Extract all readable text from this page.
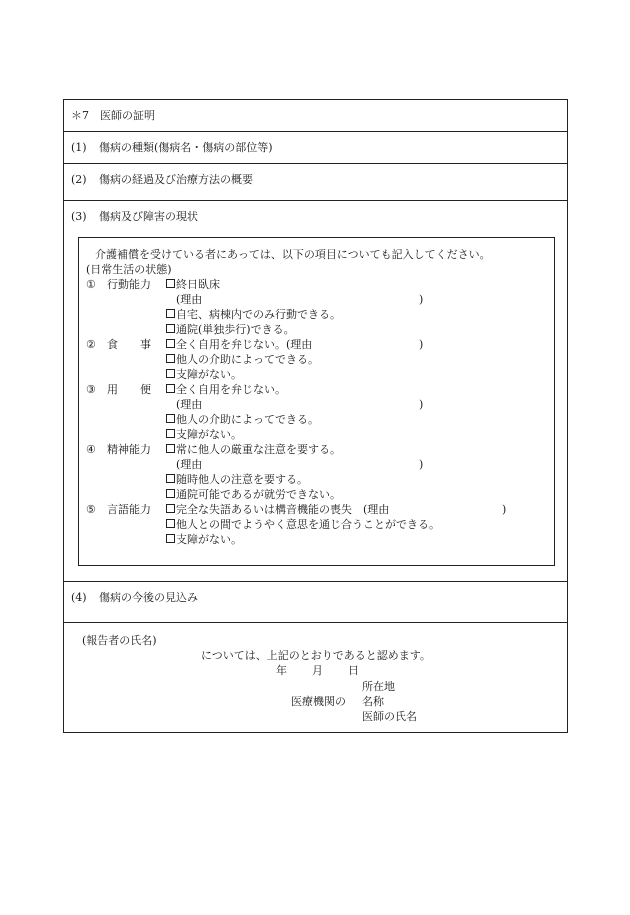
＊7　医師の証明
(1) 傷病の種類(傷病名・傷病の部位等)
(2) 傷病の経過及び治療方法の概要
(3) 傷病及び障害の現状
介護補償を受けている者にあっては、以下の項目についても記入してください。
(日常生活の状態)
① 行動能力	終日臥床
(理由	)
自宅、病棟内でのみ行動できる。
通院(単独歩行)できる。
② 食　　事	全く自用を弁じない。(理由	)
他人の介助によってできる。
支障がない。
③ 用　　便	全く自用を弁じない。
(理由	)
他人の介助によってできる。
支障がない。
④ 精神能力	常に他人の厳重な注意を要する。
(理由	)
随時他人の注意を要する。
通院可能であるが就労できない。
⑤ 言語能力	完全な失語あるいは構音機能の喪失　(理由	)
他人との間でようやく意思を通じ合うことができる。
支障がない。
(4) 傷病の今後の見込み
(報告者の氏名)
については、上記のとおりであると認めます。
年 月 日
所在地
医療機関の 名称
医師の氏名
